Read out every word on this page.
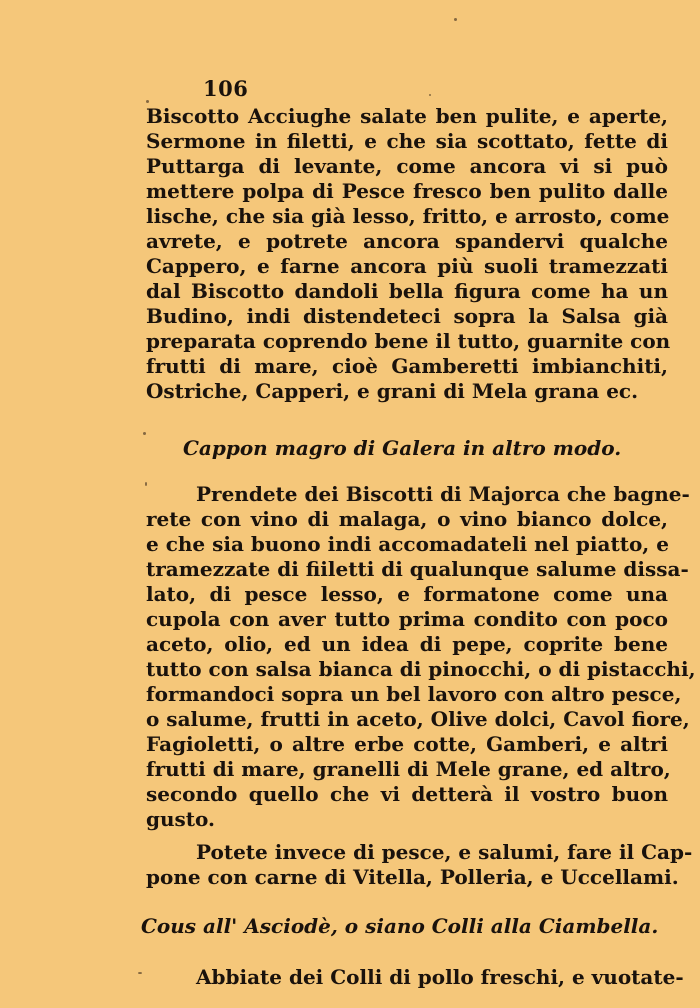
106
Biscotto Acciughe salate ben pulite, e aperte,
Sermone in filetti, e che sia scottato, fette di
Puttarga di levante, come ancora vi si può
mettere polpa di Pesce fresco ben pulito dalle
lische, che sia già lesso, fritto, e arrosto, come
avrete, e potrete ancora spandervi qualche
Cappero, e farne ancora più suoli tramezzati
dal Biscotto dandoli bella figura come ha un
Budino, indi distendeteci sopra la Salsa già
preparata coprendo bene il tutto, guarnite con
frutti di mare, cioè Gamberetti imbianchiti,
Ostriche, Capperi, e grani di Mela grana ec.
Cappon magro di Galera in altro modo.
Prendete dei Biscotti di Majorca che bagne-
rete con vino di malaga, o vino bianco dolce,
e che sia buono indi accomadateli nel piatto, e
tramezzate di fiiletti di qualunque salume dissa-
lato, di pesce lesso, e formatone come una
cupola con aver tutto prima condito con poco
aceto, olio, ed un idea di pepe, coprite bene
tutto con salsa bianca di pinocchi, o di pistacchi,
formandoci sopra un bel lavoro con altro pesce,
o salume, frutti in aceto, Olive dolci, Cavol fiore,
Fagioletti, o altre erbe cotte, Gamberi, e altri
frutti di mare, granelli di Mele grane, ed altro,
secondo quello che vi detterà il vostro buon
gusto.
Potete invece di pesce, e salumi, fare il Cap-
pone con carne di Vitella, Polleria, e Uccellami.
Cous all' Asciodè, o siano Colli alla Ciambella.
Abbiate dei Colli di pollo freschi, e vuotate-
